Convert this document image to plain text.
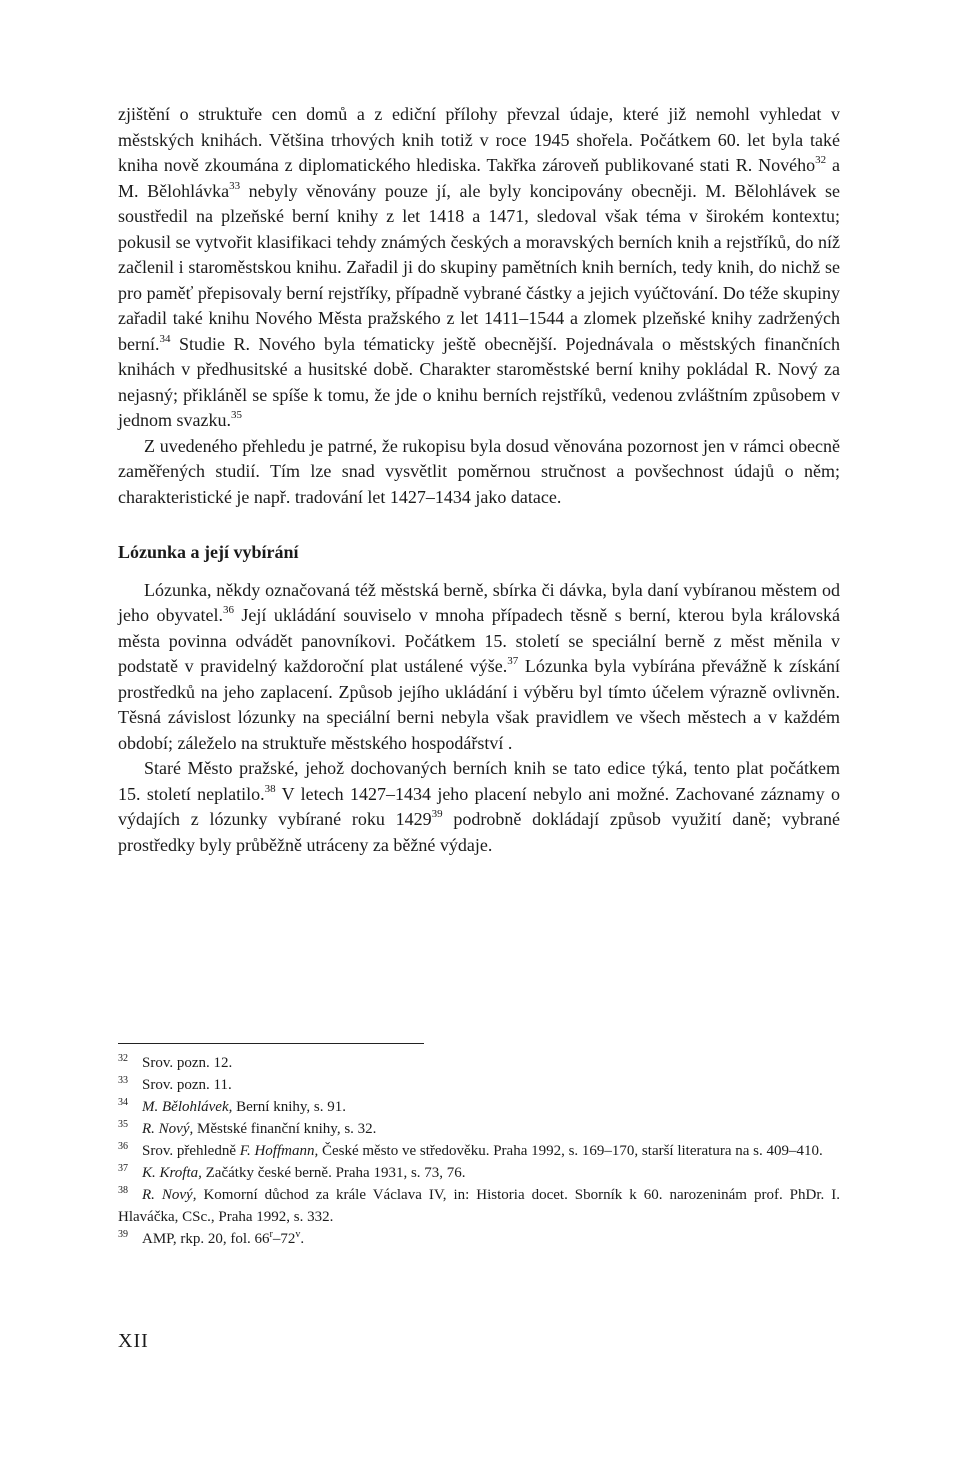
zjištění o struktuře cen domů a z ediční přílohy převzal údaje, které již nemohl vyhledat v městských knihách. Většina trhových knih totiž v roce 1945 shořela. Počátkem 60. let byla také kniha nově zkoumána z diplomatického hlediska. Takřka zároveň publikované stati R. Nového$^{32}$ a M. Bělohlávka$^{33}$ nebyly věnovány pouze jí, ale byly koncipovány obecněji. M. Bělohlávek se soustředil na plzeňské berní knihy z let 1418 a 1471, sledoval však téma v širokém kontextu; pokusil se vytvořit klasifikaci tehdy známých českých a moravských berních knih a rejstříků, do níž začlenil i staroměstskou knihu. Zařadil ji do skupiny pamětních knih berních, tedy knih, do nichž se pro paměť přepisovaly berní rejstříky, případně vybrané částky a jejich vyúčtování. Do téže skupiny zařadil také knihu Nového Města pražského z let 1411–1544 a zlomek plzeňské knihy zadržených berní.$^{34}$ Studie R. Nového byla tématicky ještě obecnější. Pojednávala o městských finančních knihách v předhusitské a husitské době. Charakter staroměstské berní knihy pokládal R. Nový za nejasný; přikláněl se spíše k tomu, že jde o knihu berních rejstříků, vedenou zvláštním způsobem v jednom svazku.$^{35}$

Z uvedeného přehledu je patrné, že rukopisu byla dosud věnována pozornost jen v rámci obecně zaměřených studií. Tím lze snad vysvětlit poměrnou stručnost a povšechnost údajů o něm; charakteristické je např. tradování let 1427–1434 jako datace.

Lózunka a její vybírání

Lózunka, někdy označovaná též městská berně, sbírka či dávka, byla daní vybíranou městem od jeho obyvatel.$^{36}$ Její ukládání souviselo v mnoha případech těsně s berní, kterou byla královská města povinna odvádět panovníkovi. Počátkem 15. století se speciální berně z měst měnila v podstatě v pravidelný každoroční plat ustálené výše.$^{37}$ Lózunka byla vybírána převážně k získání prostředků na jeho zaplacení. Způsob jejího ukládání i výběru byl tímto účelem výrazně ovlivněn. Těsná závislost lózunky na speciální berni nebyla však pravidlem ve všech městech a v každém období; záleželo na struktuře městského hospodářství .

Staré Město pražské, jehož dochovaných berních knih se tato edice týká, tento plat počátkem 15. století neplatilo.$^{38}$ V letech 1427–1434 jeho placení nebylo ani možné. Zachované záznamy o výdajích z lózunky vybírané roku 1429$^{39}$ podrobně dokládají způsob využití daně; vybrané prostředky byly průběžně utráceny za běžné výdaje.

$^{32}$ Srov. pozn. 12.

$^{33}$ Srov. pozn. 11.

$^{34}$ M. Bělohlávek, Berní knihy, s. 91.

$^{35}$ R. Nový, Městské finanční knihy, s. 32.

$^{36}$ Srov. přehledně F. Hoffmann, České město ve středověku. Praha 1992, s. 169–170, starší literatura na s. 409–410.

$^{37}$ K. Krofta, Začátky české berně. Praha 1931, s. 73, 76.

$^{38}$ R. Nový, Komorní důchod za krále Václava IV, in: Historia docet. Sborník k 60. narozeninám prof. PhDr. I. Hlaváčka, CSc., Praha 1992, s. 332.

$^{39}$ AMP, rkp. 20, fol. 66$^r$–72$^v$.

XII
